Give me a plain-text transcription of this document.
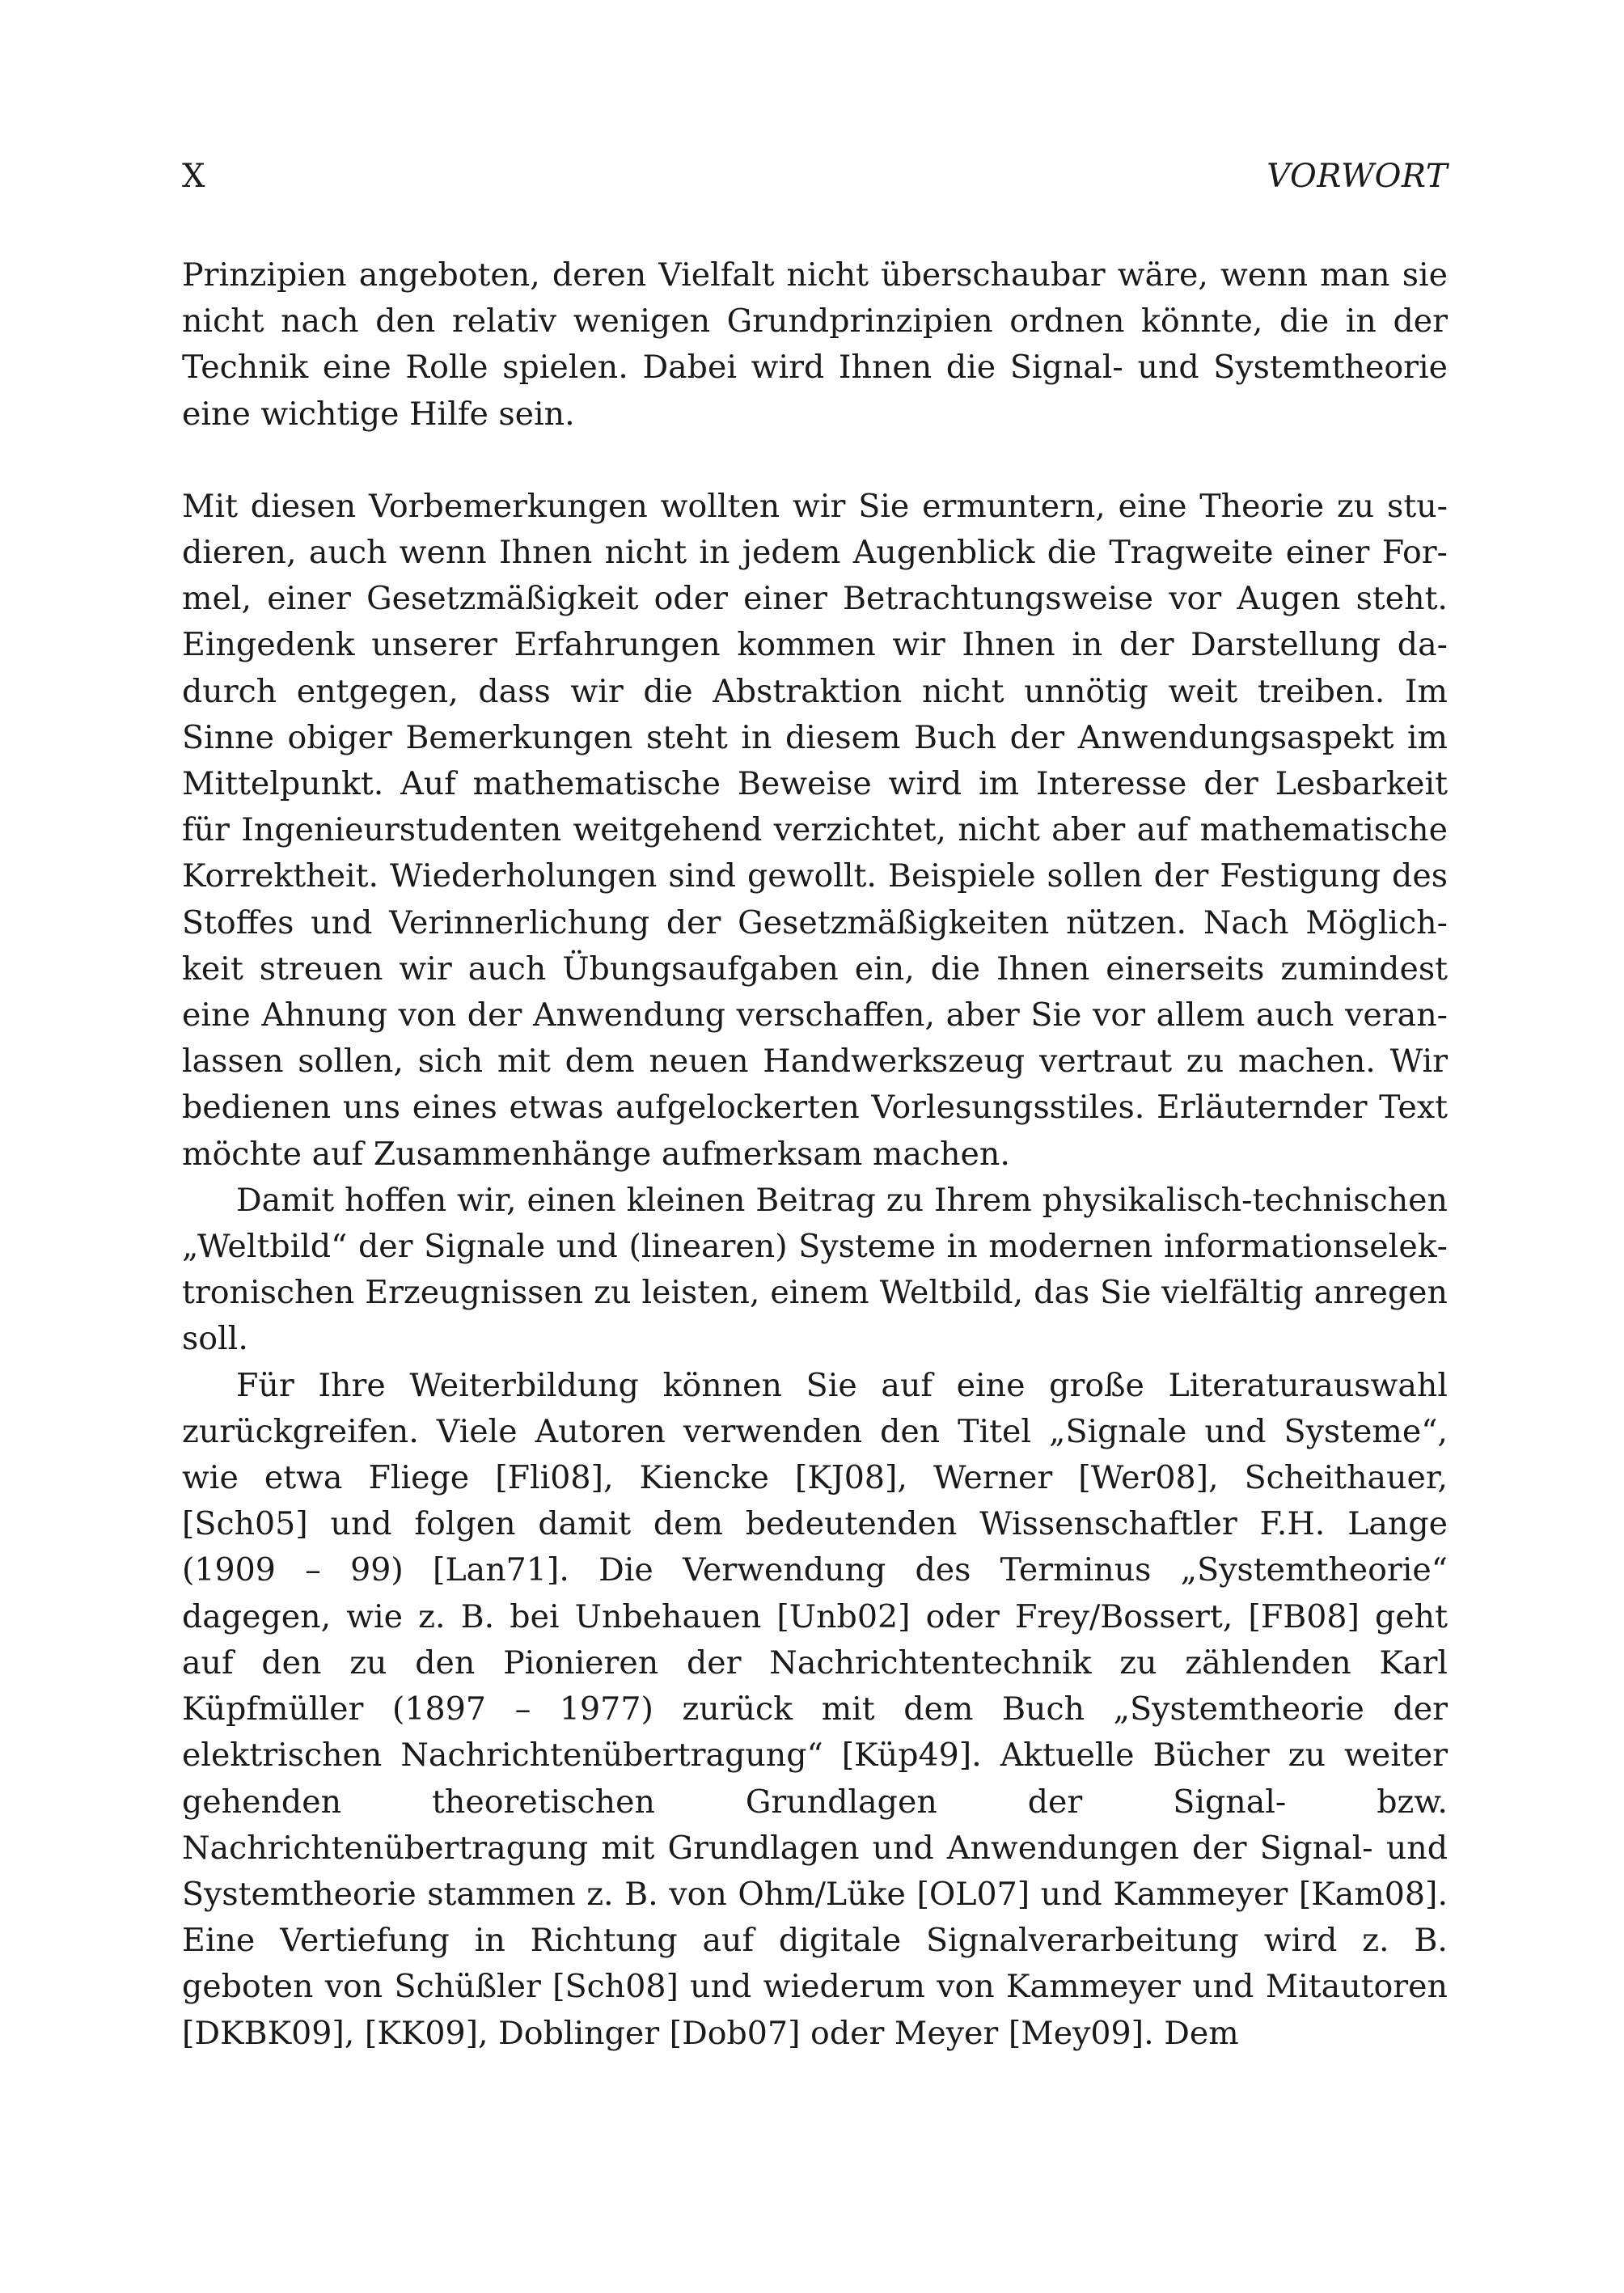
X	VORWORT

Prinzipien angeboten, deren Vielfalt nicht überschaubar wäre, wenn man sie nicht nach den relativ wenigen Grundprinzipien ordnen könnte, die in der Technik eine Rolle spielen. Dabei wird Ihnen die Signal- und Systemtheorie eine wichtige Hilfe sein.

Mit diesen Vorbemerkungen wollten wir Sie ermuntern, eine Theorie zu studieren, auch wenn Ihnen nicht in jedem Augenblick die Tragweite einer Formel, einer Gesetzmäßigkeit oder einer Betrachtungsweise vor Augen steht. Eingedenk unserer Erfahrungen kommen wir Ihnen in der Darstellung dadurch entgegen, dass wir die Abstraktion nicht unnötig weit treiben. Im Sinne obiger Bemerkungen steht in diesem Buch der Anwendungsaspekt im Mittelpunkt. Auf mathematische Beweise wird im Interesse der Lesbarkeit für Ingenieurstudenten weitgehend verzichtet, nicht aber auf mathematische Korrektheit. Wiederholungen sind gewollt. Beispiele sollen der Festigung des Stoffes und Verinnerlichung der Gesetzmäßigkeiten nützen. Nach Möglichkeit streuen wir auch Übungsaufgaben ein, die Ihnen einerseits zumindest eine Ahnung von der Anwendung verschaffen, aber Sie vor allem auch veranlassen sollen, sich mit dem neuen Handwerkszeug vertraut zu machen. Wir bedienen uns eines etwas aufgelockerten Vorlesungsstiles. Erläuternder Text möchte auf Zusammenhänge aufmerksam machen.

Damit hoffen wir, einen kleinen Beitrag zu Ihrem physikalisch-technischen „Weltbild“ der Signale und (linearen) Systeme in modernen informationselektronischen Erzeugnissen zu leisten, einem Weltbild, das Sie vielfältig anregen soll.

Für Ihre Weiterbildung können Sie auf eine große Literaturauswahl zurückgreifen. Viele Autoren verwenden den Titel „Signale und Systeme“, wie etwa Fliege [Fli08], Kiencke [KJ08], Werner [Wer08], Scheithauer, [Sch05] und folgen damit dem bedeutenden Wissenschaftler F.H. Lange (1909 – 99) [Lan71]. Die Verwendung des Terminus „Systemtheorie“ dagegen, wie z. B. bei Unbehauen [Unb02] oder Frey/Bossert, [FB08] geht auf den zu den Pionieren der Nachrichtentechnik zu zählenden Karl Küpfmüller (1897 – 1977) zurück mit dem Buch „Systemtheorie der elektrischen Nachrichtenübertragung“ [Küp49]. Aktuelle Bücher zu weiter gehenden theoretischen Grundlagen der Signal- bzw. Nachrichtenübertragung mit Grundlagen und Anwendungen der Signal- und Systemtheorie stammen z. B. von Ohm/Lüke [OL07] und Kammeyer [Kam08]. Eine Vertiefung in Richtung auf digitale Signalverarbeitung wird z. B. geboten von Schüßler [Sch08] und wiederum von Kammeyer und Mitautoren [DKBK09], [KK09], Doblinger [Dob07] oder Meyer [Mey09]. Dem
